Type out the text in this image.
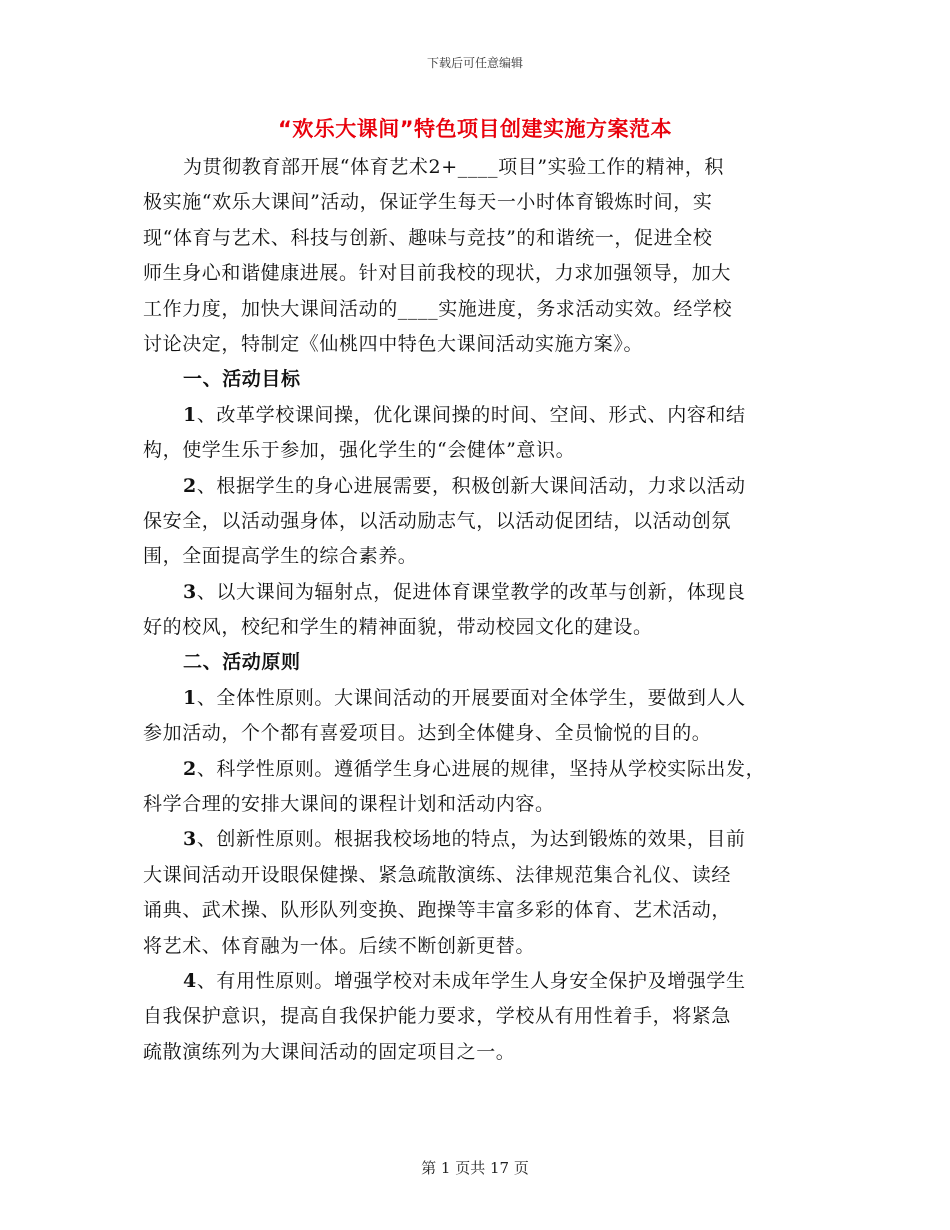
下载后可任意编辑
“欢乐大课间”特色项目创建实施方案范本
为贯彻教育部开展“体育艺术2+____项目”实验工作的精神，积
极实施“欢乐大课间”活动，保证学生每天一小时体育锻炼时间，实
现“体育与艺术、科技与创新、趣味与竞技”的和谐统一，促进全校
师生身心和谐健康进展。针对目前我校的现状，力求加强领导，加大
工作力度，加快大课间活动的____实施进度，务求活动实效。经学校
讨论决定，特制定《仙桃四中特色大课间活动实施方案》。
一、活动目标
1、改革学校课间操，优化课间操的时间、空间、形式、内容和结
构，使学生乐于参加，强化学生的“会健体”意识。
2、根据学生的身心进展需要，积极创新大课间活动，力求以活动
保安全，以活动强身体，以活动励志气，以活动促团结，以活动创氛
围，全面提高学生的综合素养。
3、以大课间为辐射点，促进体育课堂教学的改革与创新，体现良
好的校风，校纪和学生的精神面貌，带动校园文化的建设。
二、活动原则
1、全体性原则。大课间活动的开展要面对全体学生，要做到人人
参加活动，个个都有喜爱项目。达到全体健身、全员愉悦的目的。
2、科学性原则。遵循学生身心进展的规律，坚持从学校实际出发，
科学合理的安排大课间的课程计划和活动内容。
3、创新性原则。根据我校场地的特点，为达到锻炼的效果，目前
大课间活动开设眼保健操、紧急疏散演练、法律规范集合礼仪、读经
诵典、武术操、队形队列变换、跑操等丰富多彩的体育、艺术活动，
将艺术、体育融为一体。后续不断创新更替。
4、有用性原则。增强学校对未成年学生人身安全保护及增强学生
自我保护意识，提高自我保护能力要求，学校从有用性着手，将紧急
疏散演练列为大课间活动的固定项目之一。
第 1 页共 17 页
